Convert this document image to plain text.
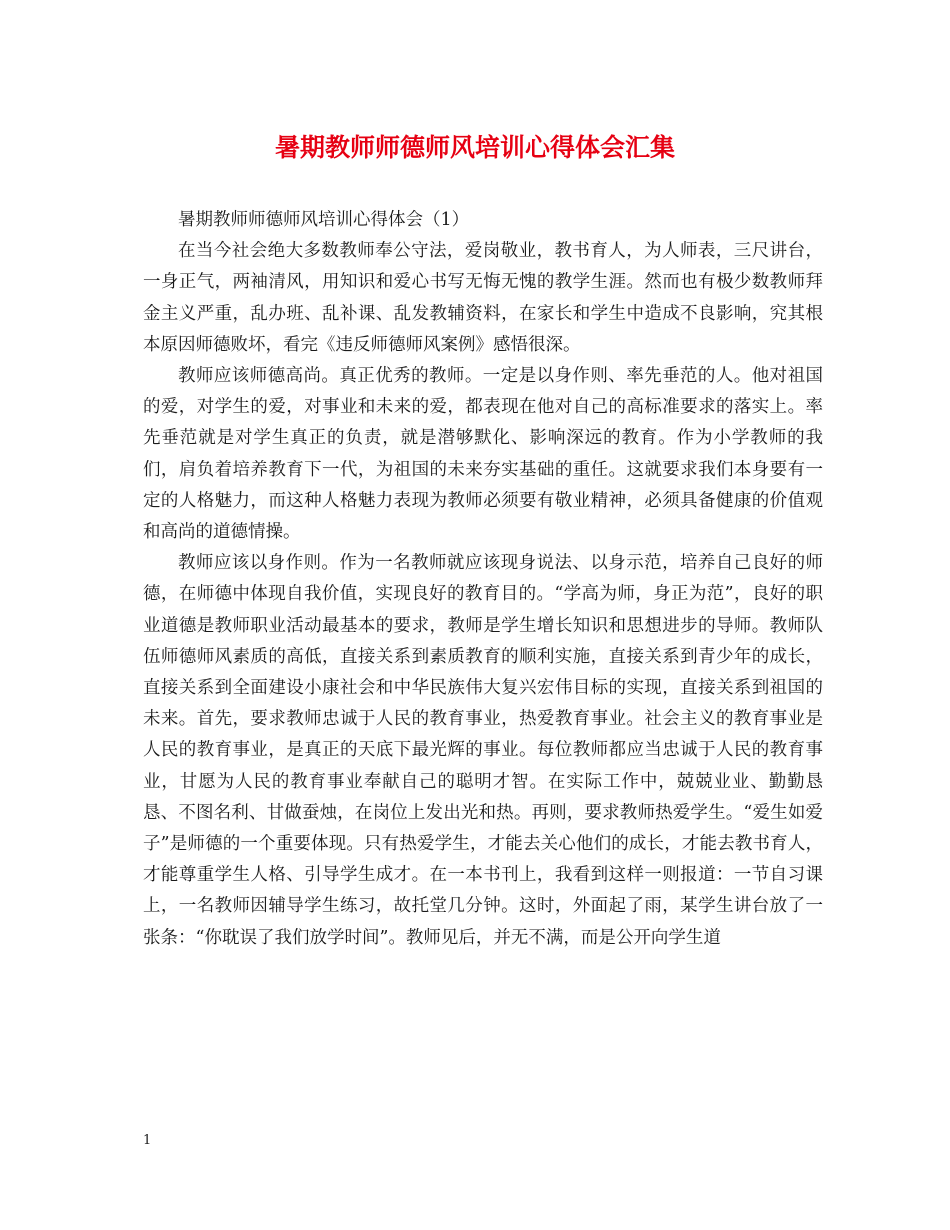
暑期教师师德师风培训心得体会汇集

暑期教师师德师风培训心得体会（1）

在当今社会绝大多数教师奉公守法，爱岗敬业，教书育人，为人师表，三尺讲台，一身正气，两袖清风，用知识和爱心书写无悔无愧的教学生涯。然而也有极少数教师拜金主义严重，乱办班、乱补课、乱发教辅资料，在家长和学生中造成不良影响，究其根本原因师德败坏，看完《违反师德师风案例》感悟很深。

教师应该师德高尚。真正优秀的教师。一定是以身作则、率先垂范的人。他对祖国的爱，对学生的爱，对事业和未来的爱，都表现在他对自己的高标准要求的落实上。率先垂范就是对学生真正的负责，就是潜够默化、影响深远的教育。作为小学教师的我们，肩负着培养教育下一代，为祖国的未来夯实基础的重任。这就要求我们本身要有一定的人格魅力，而这种人格魅力表现为教师必须要有敬业精神，必须具备健康的价值观和高尚的道德情操。

教师应该以身作则。作为一名教师就应该现身说法、以身示范，培养自己良好的师德，在师德中体现自我价值，实现良好的教育目的。“学高为师，身正为范”，良好的职业道德是教师职业活动最基本的要求，教师是学生增长知识和思想进步的导师。教师队伍师德师风素质的高低，直接关系到素质教育的顺利实施，直接关系到青少年的成长，直接关系到全面建设小康社会和中华民族伟大复兴宏伟目标的实现，直接关系到祖国的未来。首先，要求教师忠诚于人民的教育事业，热爱教育事业。社会主义的教育事业是人民的教育事业，是真正的天底下最光辉的事业。每位教师都应当忠诚于人民的教育事业，甘愿为人民的教育事业奉献自己的聪明才智。在实际工作中，兢兢业业、勤勤恳恳、不图名利、甘做蚕烛，在岗位上发出光和热。再则，要求教师热爱学生。“爱生如爱子”是师德的一个重要体现。只有热爱学生，才能去关心他们的成长，才能去教书育人，才能尊重学生人格、引导学生成才。在一本书刊上，我看到这样一则报道：一节自习课上，一名教师因辅导学生练习，故托堂几分钟。这时，外面起了雨，某学生讲台放了一张条：“你耽误了我们放学时间”。教师见后，并无不满，而是公开向学生道

1
